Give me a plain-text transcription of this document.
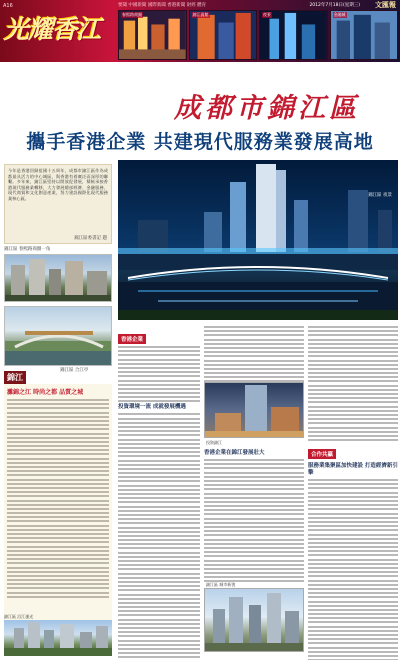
A16
光耀香江
要聞 中國新聞 國際新聞 香港新聞 財經 體育	2012年7月18日(星期三) 文匯報
春熙路商圈	錦江賓館	夜景	金融城
成都市錦江區
攜手香港企業 共建現代服務業發展高地

今年是香港回歸祖國十五周年，成都市錦江區作為成都最具活力的中心城區，與香港有着廣泛而深厚的聯繫。多年來，錦江區堅持以開放促發展，積極承接香港現代服務業轉移，大力發展總部經濟、金融服務、現代商貿和文化創意產業，努力建設國際化現代服務業核心區。

錦江區委書記 題
錦江區 夜景
錦江區 春熙路商圈一角
錦江區 合江亭
錦江
灘錦之江 時尚之都 品質之城
香港企業
投資環境一流 成就發展機遇
投資錦江
香港企業在錦江發展壯大	合作共贏
服務業集聚區加快建設 打造經濟新引擎
錦江區 城市新貌
錦江區 沿江風光
